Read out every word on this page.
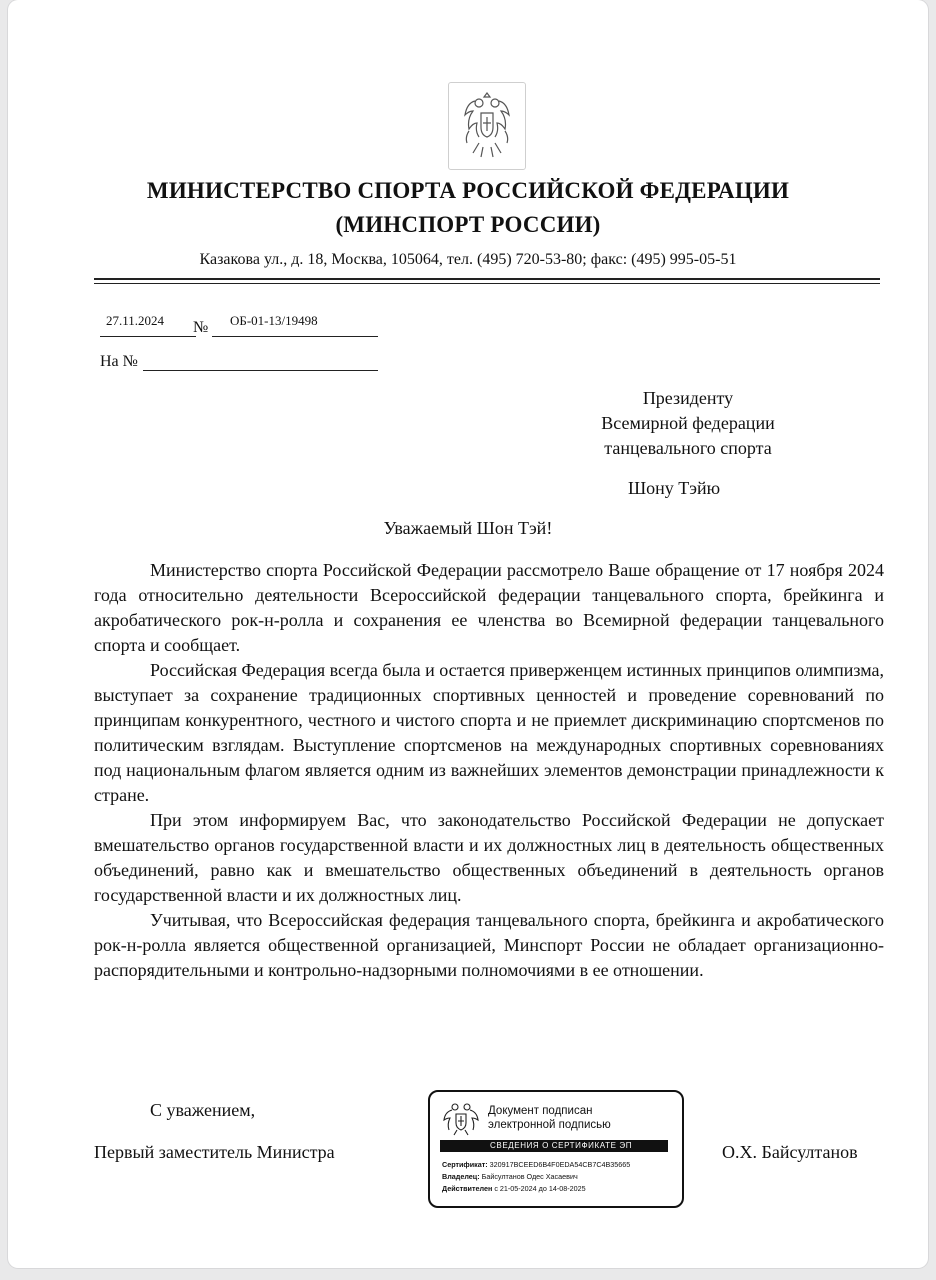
МИНИСТЕРСТВО СПОРТА РОССИЙСКОЙ ФЕДЕРАЦИИ
(МИНСПОРТ РОССИИ)
Казакова ул., д. 18, Москва, 105064, тел. (495) 720-53-80; факс: (495) 995-05-51
27.11.2024 № ОБ-01-13/19498
На №
Президенту
Всемирной федерации
танцевального спорта
Шону Тэйю
Уважаемый Шон Тэй!

Министерство спорта Российской Федерации рассмотрело Ваше обращение от 17 ноября 2024 года относительно деятельности Всероссийской федерации танцевального спорта, брейкинга и акробатического рок-н-ролла и сохранения ее членства во Всемирной федерации танцевального спорта и сообщает.

Российская Федерация всегда была и остается приверженцем истинных принципов олимпизма, выступает за сохранение традиционных спортивных ценностей и проведение соревнований по принципам конкурентного, честного и чистого спорта и не приемлет дискриминацию спортсменов по политическим взглядам. Выступление спортсменов на международных спортивных соревнованиях под национальным флагом является одним из важнейших элементов демонстрации принадлежности к стране.

При этом информируем Вас, что законодательство Российской Федерации не допускает вмешательство органов государственной власти и их должностных лиц в деятельность общественных объединений, равно как и вмешательство общественных объединений в деятельность органов государственной власти и их должностных лиц.

Учитывая, что Всероссийская федерация танцевального спорта, брейкинга и акробатического рок-н-ролла является общественной организацией, Минспорт России не обладает организационно-распорядительными и контрольно-надзорными полномочиями в ее отношении.

С уважением,
Первый заместитель Министра	О.Х. Байсултанов
Документ подписан
электронной подписью
СВЕДЕНИЯ О СЕРТИФИКАТЕ ЭП
Сертификат: 320917BCEED6B4F0EDA54CB7C4B35665
Владелец: Байсултанов Одес Хасаевич
Действителен с 21-05-2024 до 14-08-2025
